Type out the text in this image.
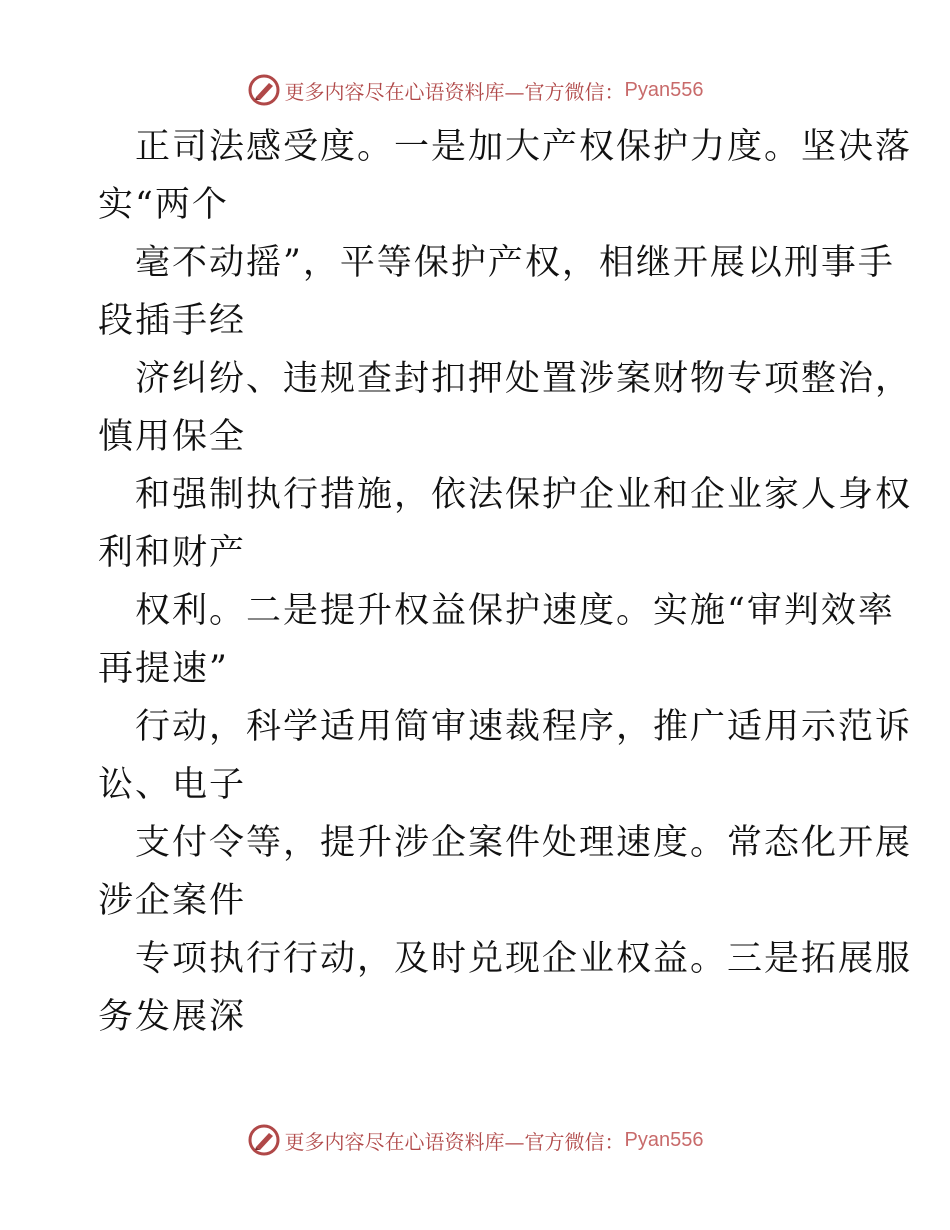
更多内容尽在心语资料库—官方微信： Pyan556
正司法感受度。一是加大产权保护力度。坚决落
实“两个
毫不动摇”，平等保护产权，相继开展以刑事手
段插手经
济纠纷、违规查封扣押处置涉案财物专项整治，
慎用保全
和强制执行措施，依法保护企业和企业家人身权
利和财产
权利。二是提升权益保护速度。实施“审判效率
再提速”
行动，科学适用简审速裁程序，推广适用示范诉
讼、电子
支付令等，提升涉企案件处理速度。常态化开展
涉企案件
专项执行行动，及时兑现企业权益。三是拓展服
务发展深
更多内容尽在心语资料库—官方微信： Pyan556
